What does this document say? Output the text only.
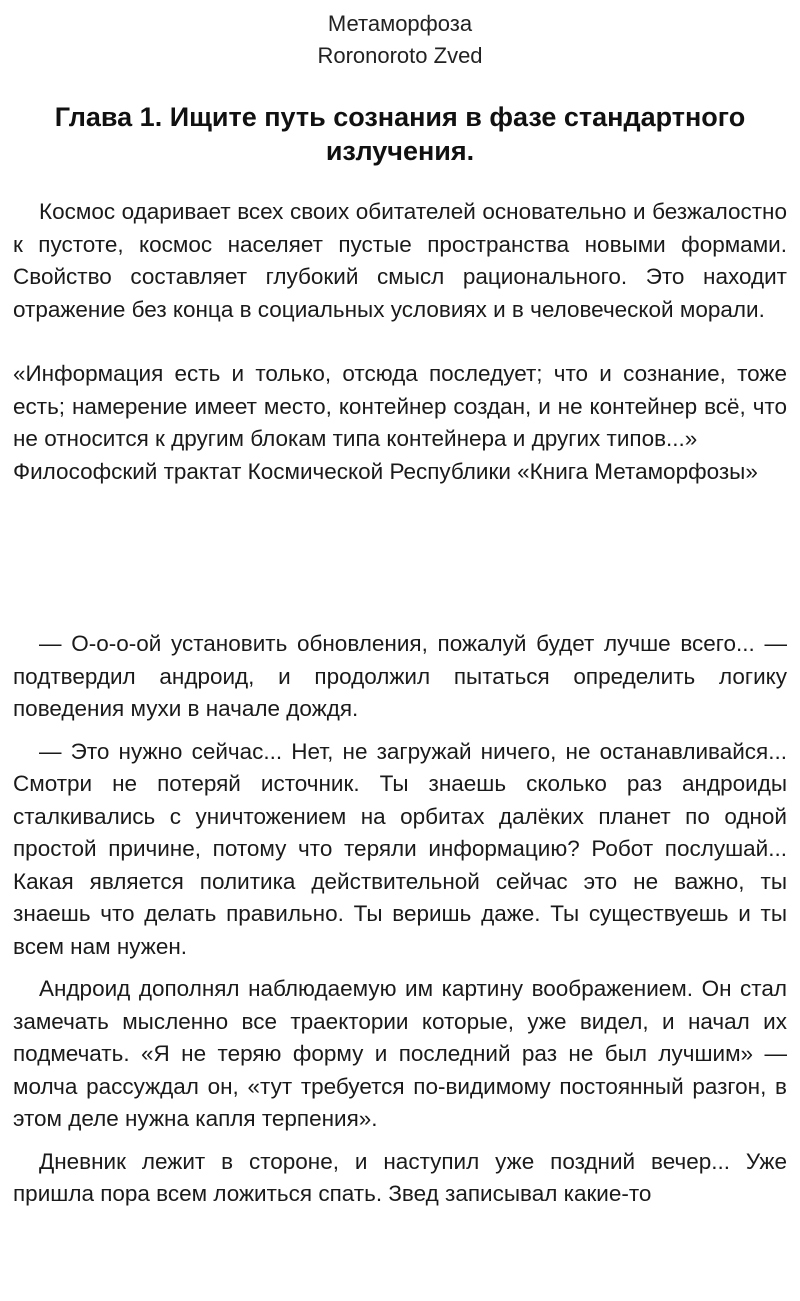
Метаморфоза
Roronoroto Zved
Глава 1. Ищите путь сознания в фазе стандартного излучения.

Космос одаривает всех своих обитателей основательно и безжалостно к пустоте, космос населяет пустые пространства новыми формами. Свойство составляет глубокий смысл рационального. Это находит отражение без конца в социальных условиях и в человеческой морали.

«Информация есть и только, отсюда последует; что и сознание, тоже есть; намерение имеет место, контейнер создан, и не контейнер всё, что не относится к другим блокам типа контейнера и других типов...»

Философский трактат Космической Республики «Книга Метаморфозы»

— О-о-о-ой установить обновления, пожалуй будет лучше всего... — подтвердил андроид, и продолжил пытаться определить логику поведения мухи в начале дождя.

— Это нужно сейчас... Нет, не загружай ничего, не останавливайся... Смотри не потеряй источник. Ты знаешь сколько раз андроиды сталкивались с уничтожением на орбитах далёких планет по одной простой причине, потому что теряли информацию? Робот послушай... Какая является политика действительной сейчас это не важно, ты знаешь что делать правильно. Ты веришь даже. Ты существуешь и ты всем нам нужен.

Андроид дополнял наблюдаемую им картину воображением. Он стал замечать мысленно все траектории которые, уже видел, и начал их подмечать. «Я не теряю форму и последний раз не был лучшим» — молча рассуждал он, «тут требуется по-видимому постоянный разгон, в этом деле нужна капля терпения».

Дневник лежит в стороне, и наступил уже поздний вечер... Уже пришла пора всем ложиться спать. Звед записывал какие-то
